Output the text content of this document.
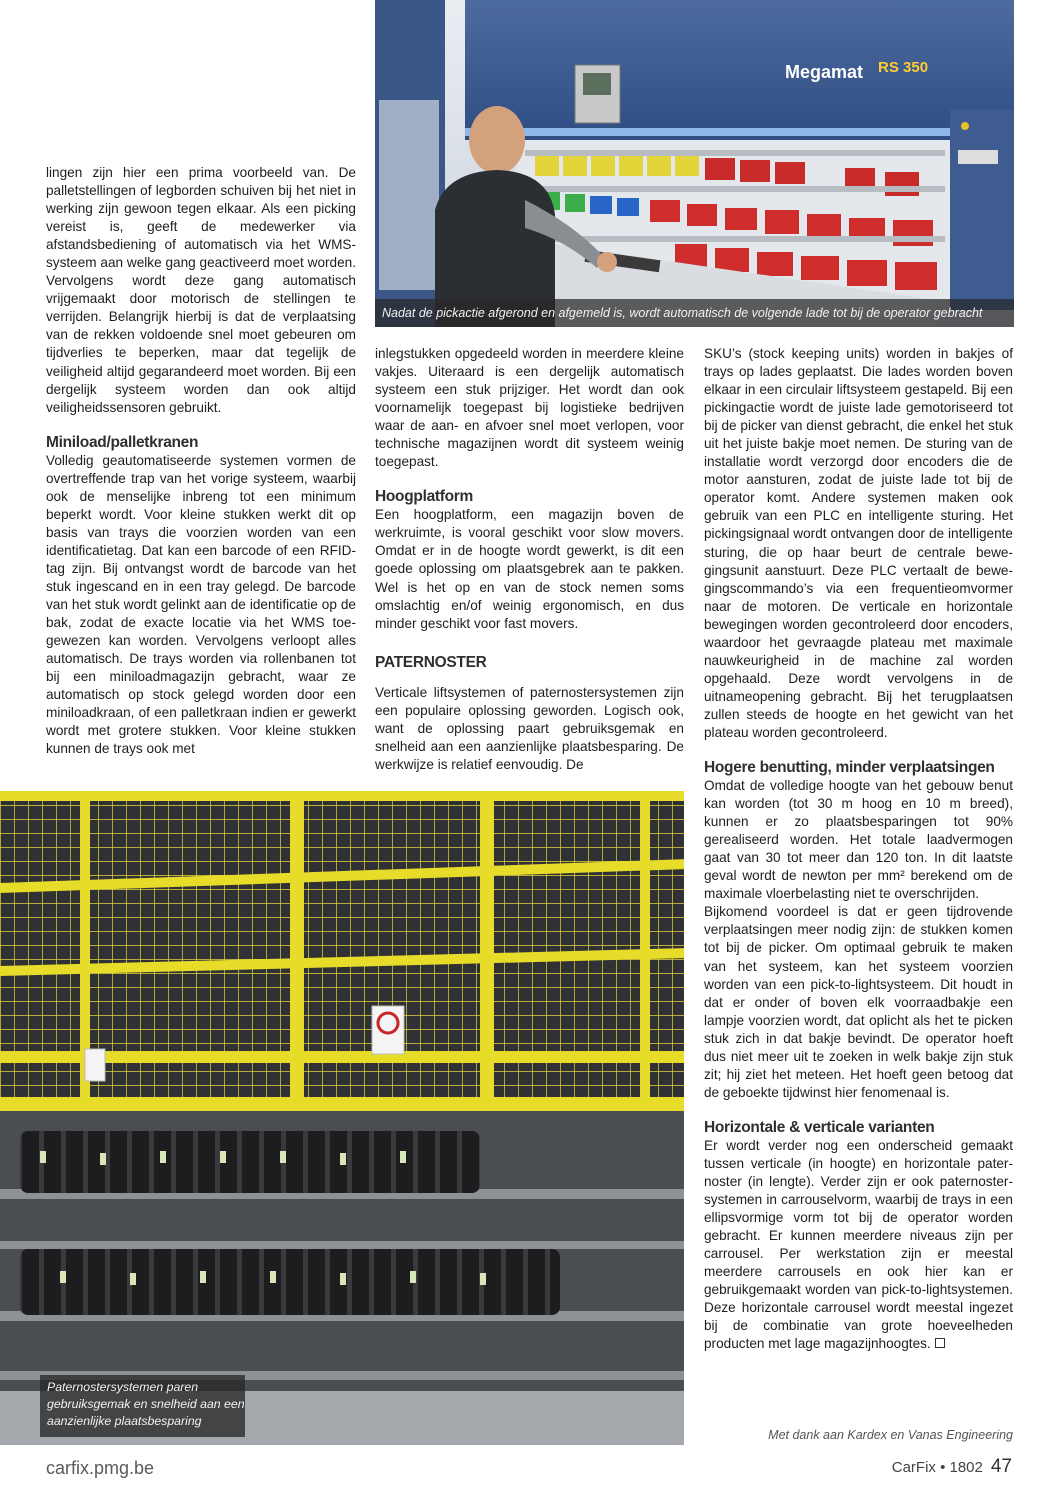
Megamat RS 350
Nadat de pickactie afgerond en afgemeld is, wordt automatisch de volgende lade tot bij de operator gebracht

lingen zijn hier een prima voorbeeld van. De palletstellingen of legborden schuiven bij het niet in werking zijn gewoon tegen elkaar. Als een picking vereist is, geeft de medewerker via afstandsbediening of automatisch via het WMS-systeem aan welke gang geactiveerd moet worden. Vervolgens wordt deze gang automatisch vrijgemaakt door motorisch de stellingen te verrijden. Belangrijk hierbij is dat de verplaatsing van de rekken voldoende snel moet gebeuren om tijdverlies te beperken, maar dat tegelijk de veiligheid altijd gegarandeerd moet worden. Bij een dergelijk systeem worden dan ook altijd veiligheidssensoren gebruikt.

Miniload/palletkranen

Volledig geautomatiseerde systemen vormen de overtreffende trap van het vorige systeem, waarbij ook de menselijke inbreng tot een minimum beperkt wordt. Voor kleine stukken werkt dit op basis van trays die voorzien worden van een identificatietag. Dat kan een barcode of een RFID-tag zijn. Bij ontvangst wordt de barcode van het stuk ingescand en in een tray gelegd. De barcode van het stuk wordt gelinkt aan de identificatie op de bak, zodat de exacte locatie via het WMS toegewezen kan worden. Vervolgens verloopt alles automatisch. De trays worden via rollenbanen tot bij een miniloadmagazijn gebracht, waar ze automatisch op stock gelegd worden door een miniloadkraan, of een palletkraan indien er gewerkt wordt met grotere stukken. Voor kleine stukken kunnen de trays ook met

inlegstukken opgedeeld worden in meerdere kleine vakjes. Uiteraard is een dergelijk automatisch systeem een stuk prijziger. Het wordt dan ook voornamelijk toegepast bij logistieke bedrijven waar de aan- en afvoer snel moet verlopen, voor technische magazijnen wordt dit systeem weinig toegepast.

Hoogplatform

Een hoogplatform, een magazijn boven de werkruimte, is vooral geschikt voor slow movers. Omdat er in de hoogte wordt gewerkt, is dit een goede oplossing om plaatsgebrek aan te pakken. Wel is het op en van de stock nemen soms omslachtig en/of weinig ergonomisch, en dus minder geschikt voor fast movers.

PATERNOSTER

Verticale liftsystemen of paternostersystemen zijn een populaire oplossing geworden. Logisch ook, want de oplossing paart gebruiksgemak en snelheid aan een aanzienlijke plaatsbesparing. De werkwijze is relatief eenvoudig. De

SKU’s (stock keeping units) worden in bakjes of trays op lades geplaatst. Die lades worden boven elkaar in een circulair liftsysteem gestapeld. Bij een pickingactie wordt de juiste lade gemotoriseerd tot bij de picker van dienst gebracht, die enkel het stuk uit het juiste bakje moet nemen. De sturing van de installatie wordt verzorgd door encoders die de motor aansturen, zodat de juiste lade tot bij de operator komt. Andere systemen maken ook gebruik van een PLC en intelligente sturing. Het pickingsignaal wordt ontvangen door de intelligente sturing, die op haar beurt de centrale bewegingsunit aanstuurt. Deze PLC vertaalt de bewegingscommando’s via een frequentieomvormer naar de motoren. De verticale en horizontale bewegingen worden gecontroleerd door encoders, waardoor het gevraagde plateau met maximale nauwkeurigheid in de machine zal worden opgehaald. Deze wordt vervolgens in de uitnameopening gebracht. Bij het terugplaatsen zullen steeds de hoogte en het gewicht van het plateau worden gecontroleerd.

Hogere benutting, minder verplaatsingen

Omdat de volledige hoogte van het gebouw benut kan worden (tot 30 m hoog en 10 m breed), kunnen er zo plaatsbesparingen tot 90% gerealiseerd worden. Het totale laadvermogen gaat van 30 tot meer dan 120 ton. In dit laatste geval wordt de newton per mm² berekend om de maximale vloerbelasting niet te overschrijden.

Bijkomend voordeel is dat er geen tijdrovende verplaatsingen meer nodig zijn: de stukken komen tot bij de picker. Om optimaal gebruik te maken van het systeem, kan het systeem voorzien worden van een pick-to-lightsysteem. Dit houdt in dat er onder of boven elk voorraadbakje een lampje voorzien wordt, dat oplicht als het te picken stuk zich in dat bakje bevindt. De operator hoeft dus niet meer uit te zoeken in welk bakje zijn stuk zit; hij ziet het meteen. Het hoeft geen betoog dat de geboekte tijdwinst hier fenomenaal is.

Horizontale & verticale varianten

Er wordt verder nog een onderscheid gemaakt tussen verticale (in hoogte) en horizontale paternoster (in lengte). Verder zijn er ook paternostersystemen in carrouselvorm, waarbij de trays in een ellipsvormige vorm tot bij de operator worden gebracht. Er kunnen meerdere niveaus zijn per carrousel. Per werkstation zijn er meestal meerdere carrousels en ook hier kan er gebruikgemaakt worden van pick-to-lightsystemen. Deze horizontale carrousel wordt meestal ingezet bij de combinatie van grote hoeveelheden producten met lage magazijnhoogtes.

Met dank aan Kardex en Vanas Engineering
Paternostersystemen paren gebruiksgemak en snelheid aan een aanzienlijke plaatsbesparing
carfix.pmg.be	CarFix • 1802 47
